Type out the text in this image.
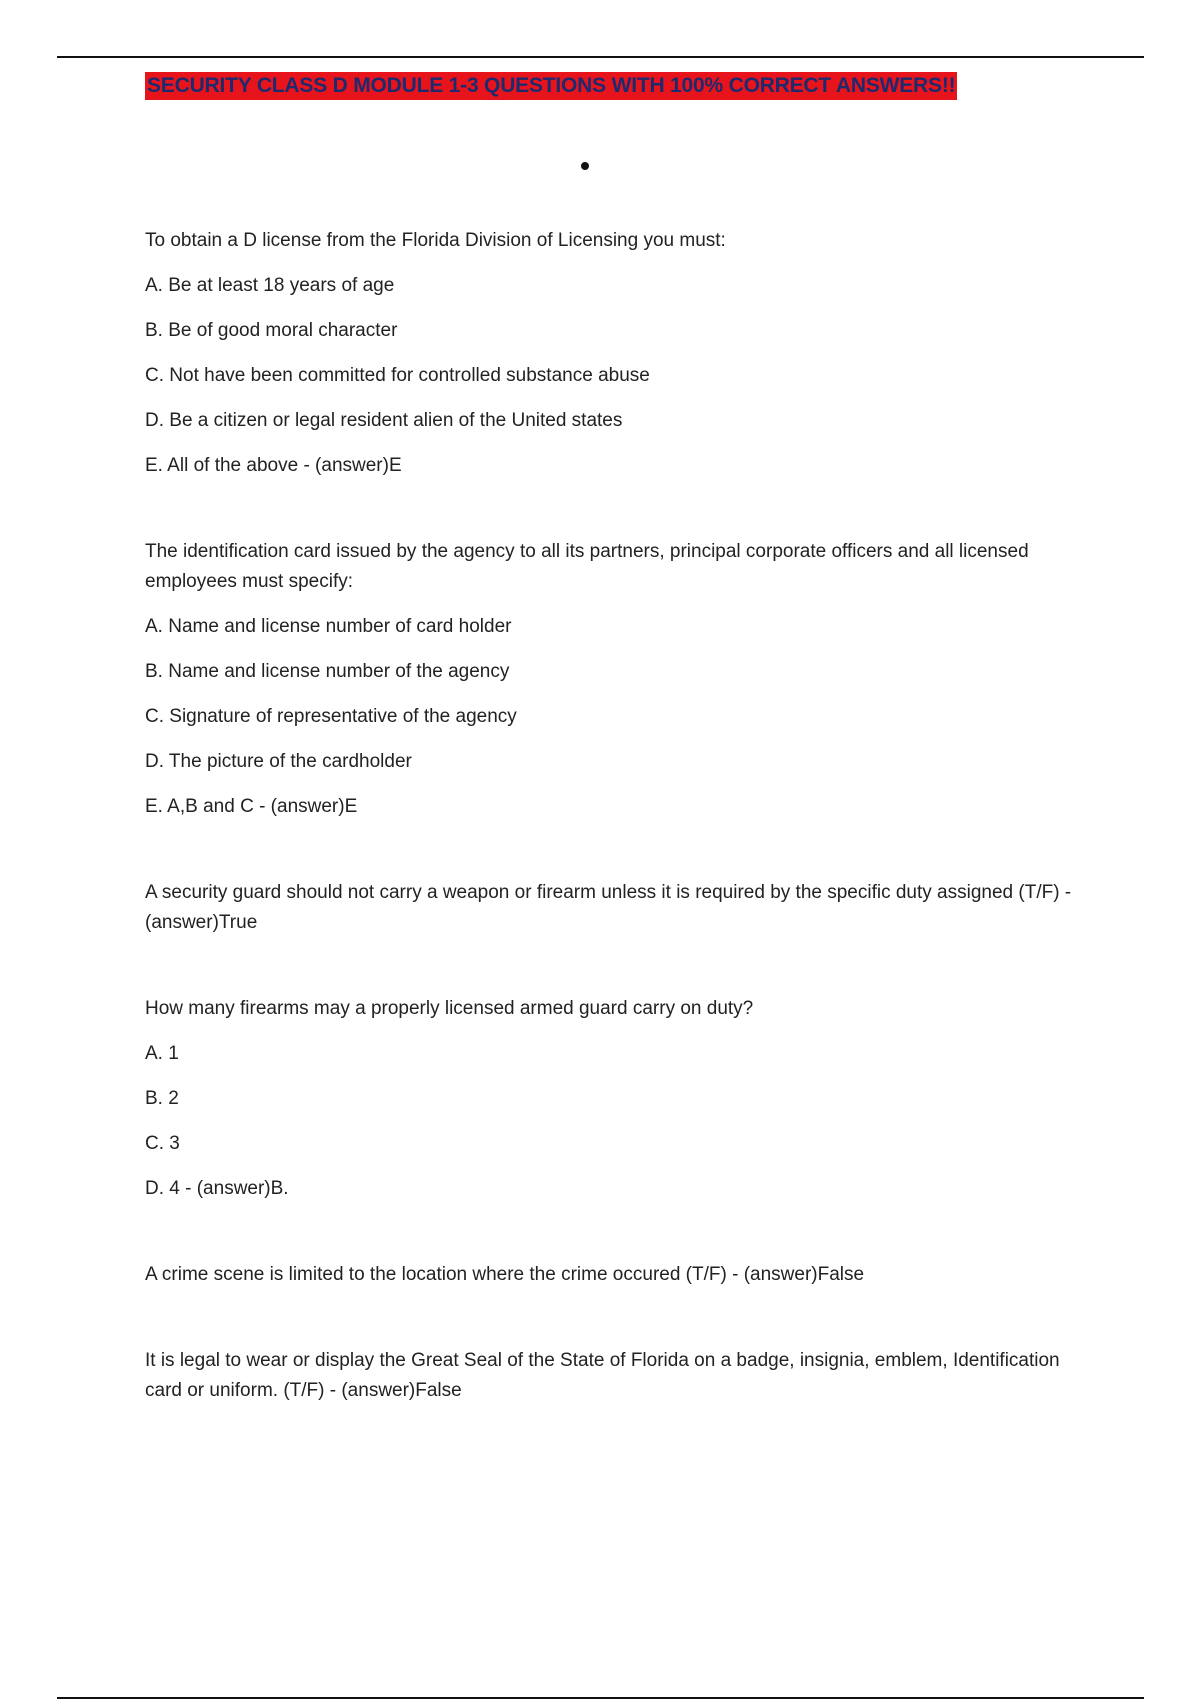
SECURITY CLASS D MODULE 1-3 QUESTIONS WITH 100% CORRECT ANSWERS!!

To obtain a D license from the Florida Division of Licensing you must:

A. Be at least 18 years of age

B. Be of good moral character

C. Not have been committed for controlled substance abuse

D. Be a citizen or legal resident alien of the United states

E. All of the above - (answer)E

The identification card issued by the agency to all its partners, principal corporate officers and all licensed employees must specify:

A. Name and license number of card holder

B. Name and license number of the agency

C. Signature of representative of the agency

D. The picture of the cardholder

E. A,B and C - (answer)E

A security guard should not carry a weapon or firearm unless it is required by the specific duty assigned (T/F) - (answer)True

How many firearms may a properly licensed armed guard carry on duty?

A. 1

B. 2

C. 3

D. 4 - (answer)B.

A crime scene is limited to the location where the crime occured (T/F) - (answer)False

It is legal to wear or display the Great Seal of the State of Florida on a badge, insignia, emblem, Identification card or uniform. (T/F) - (answer)False
